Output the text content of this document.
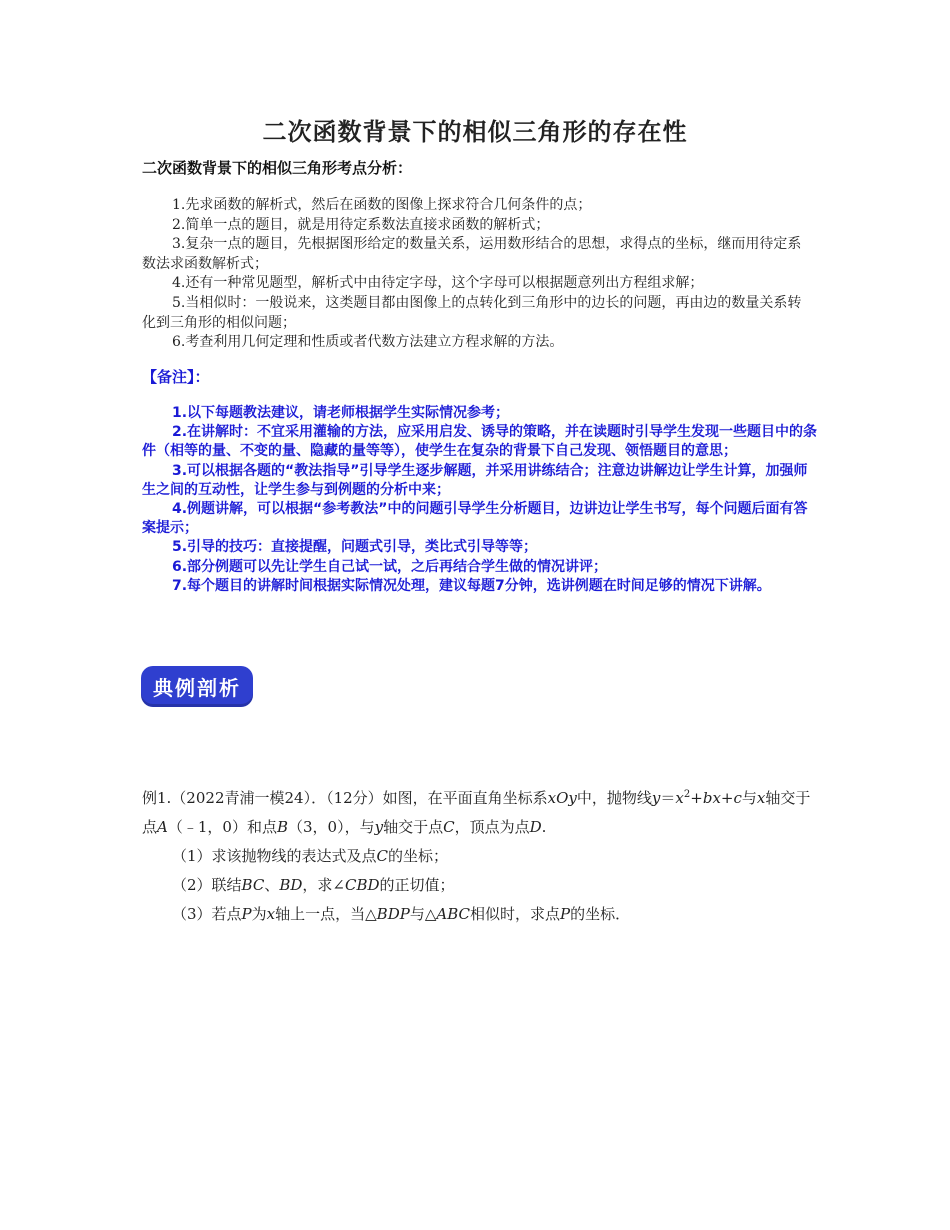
二次函数背景下的相似三角形的存在性
二次函数背景下的相似三角形考点分析：

1.先求函数的解析式，然后在函数的图像上探求符合几何条件的点；

2.简单一点的题目，就是用待定系数法直接求函数的解析式；

3.复杂一点的题目，先根据图形给定的数量关系，运用数形结合的思想，求得点的坐标，继而用待定系数法求函数解析式；

4.还有一种常见题型，解析式中由待定字母，这个字母可以根据题意列出方程组求解；

5.当相似时：一般说来，这类题目都由图像上的点转化到三角形中的边长的问题，再由边的数量关系转化到三角形的相似问题；

6.考查利用几何定理和性质或者代数方法建立方程求解的方法。

【备注】：

1.以下每题教法建议，请老师根据学生实际情况参考；

2.在讲解时：不宜采用灌输的方法，应采用启发、诱导的策略，并在读题时引导学生发现一些题目中的条件（相等的量、不变的量、隐藏的量等等），使学生在复杂的背景下自己发现、领悟题目的意思；

3.可以根据各题的“教法指导”引导学生逐步解题，并采用讲练结合；注意边讲解边让学生计算，加强师生之间的互动性，让学生参与到例题的分析中来；

4.例题讲解，可以根据“参考教法”中的问题引导学生分析题目，边讲边让学生书写，每个问题后面有答案提示；

5.引导的技巧：直接提醒，问题式引导，类比式引导等等；

6.部分例题可以先让学生自己试一试，之后再结合学生做的情况讲评；

7.每个题目的讲解时间根据实际情况处理，建议每题7分钟，选讲例题在时间足够的情况下讲解。

典例剖析

例1.（2022青浦一模24）．（12分）如图，在平面直角坐标系xOy中，抛物线$y=x^2+bx+c$与x轴交于点A（﹣1，0）和点B（3，0），与y轴交于点C，顶点为点D.

（1）求该抛物线的表达式及点C的坐标；

（2）联结BC、BD，求∠CBD的正切值；

（3）若点P为x轴上一点，当△BDP与△ABC相似时，求点P的坐标．
